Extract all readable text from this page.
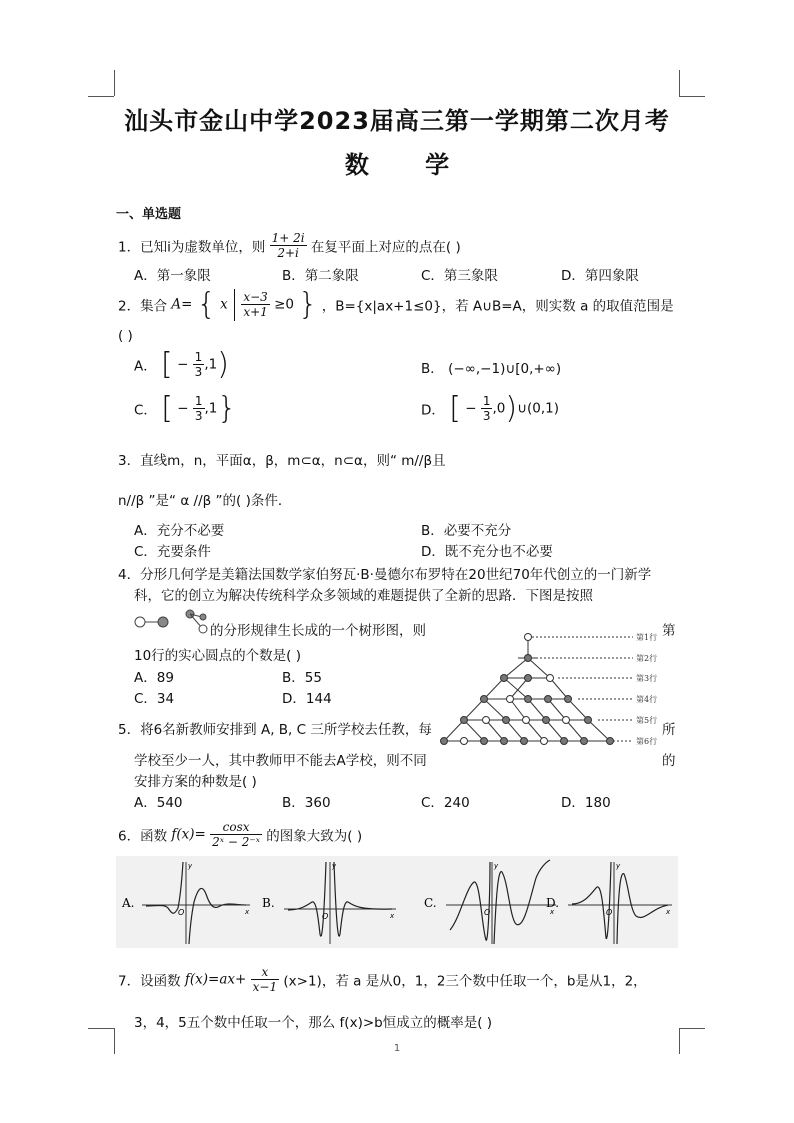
汕头市金山中学2023届高三第一学期第二次月考
数 学
一、单选题
1．已知i为虚数单位，则 $\frac{1+ 2i}{2+i}$ 在复平面上对应的点在( )
A．第一象限	B．第二象限	C．第三象限	D．第四象限
2．集合 A= { x $\frac{x-3}{x+1} \ge 0$ } ，B={x|ax+1≤0}，若 A∪B=A，则实数 a 的取值范围是
( )
A． [ − $\frac{1}{3} ,1$)	B． (−∞,−1)∪[0,+∞)
C． [ − $\frac{1}{3} ,1$}	D． [ − $\frac{1}{3}$ ,0)∪(0,1)
3．直线m，n，平面α，β，m⊂α，n⊂α，则“ m//β且
n//β ”是“ α //β ”的( )条件．
A．充分不必要	B．必要不充分
C．充要条件	D．既不充分也不必要
4．分形几何学是美籍法国数学家伯努瓦·B·曼德尔布罗特在20世纪70年代创立的一门新学
科，它的创立为解决传统科学众多领域的难题提供了全新的思路．下图是按照
的分形规律生长成的一个树形图，则	第
10行的实心圆点的个数是( )
A．89	B．55
C．34	D．144
第1行
第2行
第3行
第4行
第5行
第6行
5．将6名新教师安排到 A, B, C 三所学校去任教，每	所
学校至少一人，其中教师甲不能去A学校，则不同	的
安排方案的种数是( )
A．540	B．360	C．240	D．180
6．函数 $f(x)= \frac{\cos x}{\text{2ˣ − 2⁻ˣ}}$ 的图象大致为( )
A.
y
x
O
B.
y
x
O
C.
y
x
O
D.
y
x
O
7．设函数 $f(x)=ax+ \frac{x}{x-1} (x>1)$，若 a 是从0，1，2三个数中任取一个，b是从1，2，
3，4，5五个数中任取一个，那么 f(x)>b恒成立的概率是( )
1
